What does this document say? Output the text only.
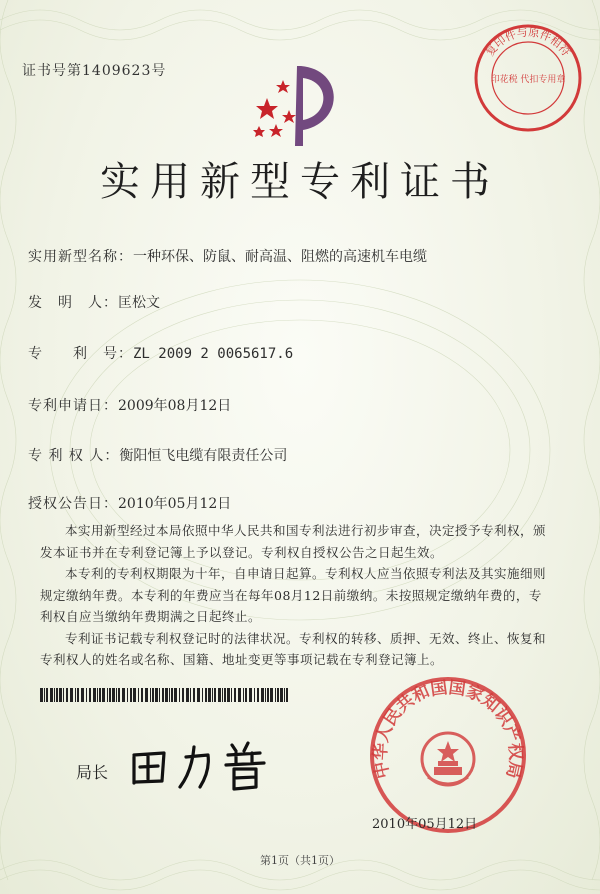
证书号第1409623号
复印件与原件相符
印花税 代扣专用章
实用新型专利证书
实用新型名称：一种环保、防鼠、耐高温、阻燃的高速机车电缆
发　明　人：匡松文
专　　利　号：ZL 2009 2 0065617.6
专利申请日：2009年08月12日
专 利 权 人：衡阳恒飞电缆有限责任公司
授权公告日：2010年05月12日

本实用新型经过本局依照中华人民共和国专利法进行初步审查，决定授予专利权，颁发本证书并在专利登记簿上予以登记。专利权自授权公告之日起生效。

本专利的专利权期限为十年，自申请日起算。专利权人应当依照专利法及其实施细则规定缴纳年费。本专利的年费应当在每年08月12日前缴纳。未按照规定缴纳年费的，专利权自应当缴纳年费期满之日起终止。

专利证书记载专利权登记时的法律状况。专利权的转移、质押、无效、终止、恢复和专利权人的姓名或名称、国籍、地址变更等事项记载在专利登记簿上。

局长	中华人民共和国国家知识产权局
2010年05月12日
第1页（共1页）
